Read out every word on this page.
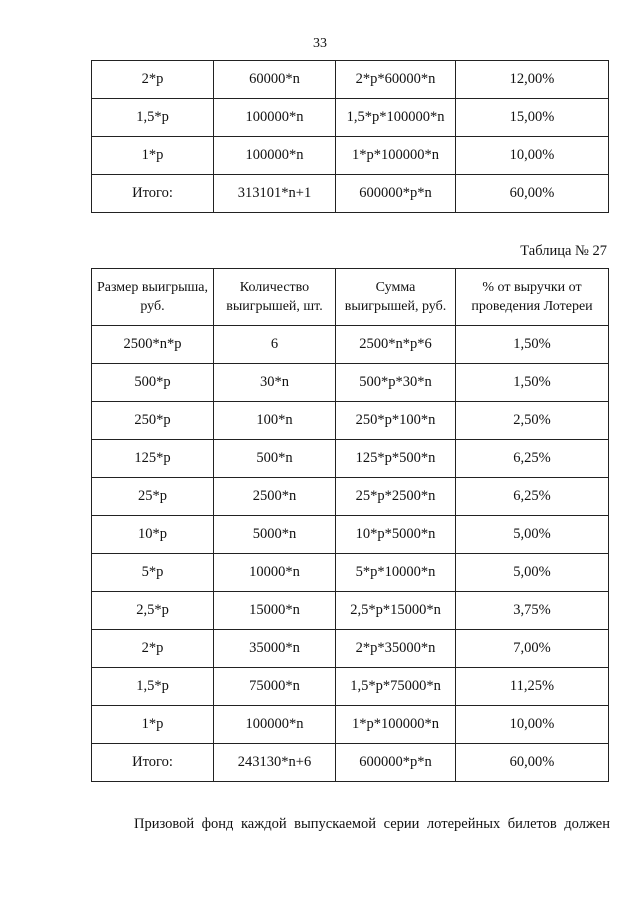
33
2*р	60000*n	2*р*60000*n	12,00%
1,5*р	100000*n	1,5*р*100000*n	15,00%
1*р	100000*n	1*р*100000*n	10,00%
Итого:	313101*n+1	600000*р*n	60,00%
Таблица № 27
Размер выигрыша, руб.	Количество выигрышей, шт.	Сумма выигрышей, руб.	% от выручки от проведения Лотереи
2500*n*р	6	2500*n*р*6	1,50%
500*р	30*n	500*р*30*n	1,50%
250*р	100*n	250*р*100*n	2,50%
125*р	500*n	125*р*500*n	6,25%
25*р	2500*n	25*р*2500*n	6,25%
10*р	5000*n	10*р*5000*n	5,00%
5*р	10000*n	5*р*10000*n	5,00%
2,5*р	15000*n	2,5*р*15000*n	3,75%
2*р	35000*n	2*р*35000*n	7,00%
1,5*р	75000*n	1,5*р*75000*n	11,25%
1*р	100000*n	1*р*100000*n	10,00%
Итого:	243130*n+6	600000*р*n	60,00%
Призовой фонд каждой выпускаемой серии лотерейных билетов должен
